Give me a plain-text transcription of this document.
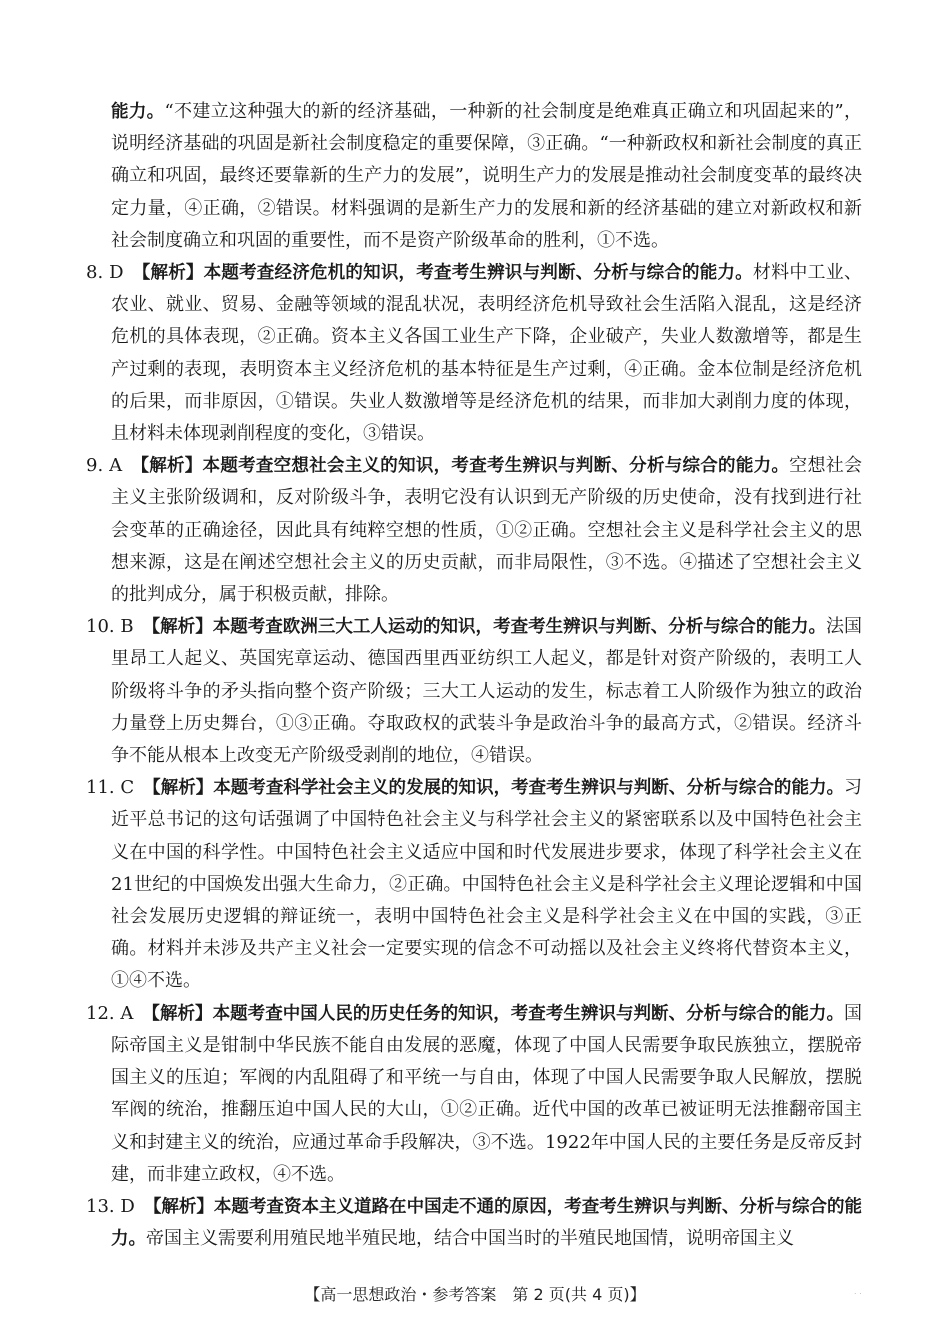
能力。“不建立这种强大的新的经济基础，一种新的社会制度是绝难真正确立和巩固起来的”，说明经济基础的巩固是新社会制度稳定的重要保障，③正确。“一种新政权和新社会制度的真正确立和巩固，最终还要靠新的生产力的发展”，说明生产力的发展是推动社会制度变革的最终决定力量，④正确，②错误。材料强调的是新生产力的发展和新的经济基础的建立对新政权和新社会制度确立和巩固的重要性，而不是资产阶级革命的胜利，①不选。

8. D  【解析】本题考查经济危机的知识，考查考生辨识与判断、分析与综合的能力。材料中工业、农业、就业、贸易、金融等领域的混乱状况，表明经济危机导致社会生活陷入混乱，这是经济危机的具体表现，②正确。资本主义各国工业生产下降，企业破产，失业人数激增等，都是生产过剩的表现，表明资本主义经济危机的基本特征是生产过剩，④正确。金本位制是经济危机的后果，而非原因，①错误。失业人数激增等是经济危机的结果，而非加大剥削力度的体现，且材料未体现剥削程度的变化，③错误。

9. A  【解析】本题考查空想社会主义的知识，考查考生辨识与判断、分析与综合的能力。空想社会主义主张阶级调和，反对阶级斗争，表明它没有认识到无产阶级的历史使命，没有找到进行社会变革的正确途径，因此具有纯粹空想的性质，①②正确。空想社会主义是科学社会主义的思想来源，这是在阐述空想社会主义的历史贡献，而非局限性，③不选。④描述了空想社会主义的批判成分，属于积极贡献，排除。

10. B  【解析】本题考查欧洲三大工人运动的知识，考查考生辨识与判断、分析与综合的能力。法国里昂工人起义、英国宪章运动、德国西里西亚纺织工人起义，都是针对资产阶级的，表明工人阶级将斗争的矛头指向整个资产阶级；三大工人运动的发生，标志着工人阶级作为独立的政治力量登上历史舞台，①③正确。夺取政权的武装斗争是政治斗争的最高方式，②错误。经济斗争不能从根本上改变无产阶级受剥削的地位，④错误。

11. C  【解析】本题考查科学社会主义的发展的知识，考查考生辨识与判断、分析与综合的能力。习近平总书记的这句话强调了中国特色社会主义与科学社会主义的紧密联系以及中国特色社会主义在中国的科学性。中国特色社会主义适应中国和时代发展进步要求，体现了科学社会主义在21世纪的中国焕发出强大生命力，②正确。中国特色社会主义是科学社会主义理论逻辑和中国社会发展历史逻辑的辩证统一，表明中国特色社会主义是科学社会主义在中国的实践，③正确。材料并未涉及共产主义社会一定要实现的信念不可动摇以及社会主义终将代替资本主义，①④不选。

12. A  【解析】本题考查中国人民的历史任务的知识，考查考生辨识与判断、分析与综合的能力。国际帝国主义是钳制中华民族不能自由发展的恶魔，体现了中国人民需要争取民族独立，摆脱帝国主义的压迫；军阀的内乱阻碍了和平统一与自由，体现了中国人民需要争取人民解放，摆脱军阀的统治，推翻压迫中国人民的大山，①②正确。近代中国的改革已被证明无法推翻帝国主义和封建主义的统治，应通过革命手段解决，③不选。1922年中国人民的主要任务是反帝反封建，而非建立政权，④不选。

13. D  【解析】本题考查资本主义道路在中国走不通的原因，考查考生辨识与判断、分析与综合的能力。帝国主义需要利用殖民地半殖民地，结合中国当时的半殖民地国情，说明帝国主义

【高一思想政治・参考答案　第 2 页(共 4 页)】	. .
